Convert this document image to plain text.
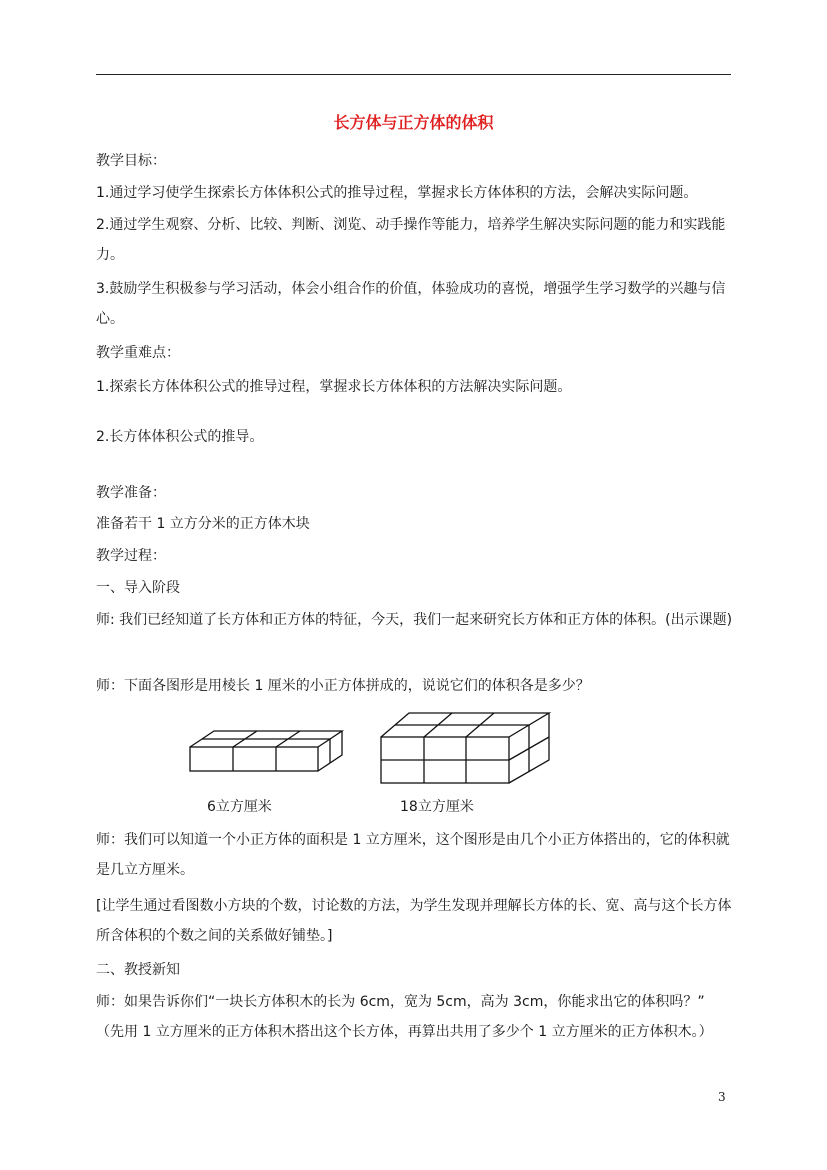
长方体与正方体的体积
教学目标：
1.通过学习使学生探索长方体体积公式的推导过程，掌握求长方体体积的方法，会解决实际问题。
2.通过学生观察、分析、比较、判断、浏览、动手操作等能力，培养学生解决实际问题的能力和实践能力。
3.鼓励学生积极参与学习活动，体会小组合作的价值，体验成功的喜悦，增强学生学习数学的兴趣与信心。
教学重难点：
1.探索长方体体积公式的推导过程，掌握求长方体体积的方法解决实际问题。
2.长方体体积公式的推导。
教学准备：
准备若干 1 立方分米的正方体木块
教学过程：
一、导入阶段
师: 我们已经知道了长方体和正方体的特征，今天，我们一起来研究长方体和正方体的体积。(出示课题)
师：下面各图形是用棱长 1 厘米的小正方体拼成的，说说它们的体积各是多少？
6立方厘米	18立方厘米
师：我们可以知道一个小正方体的面积是 1 立方厘米，这个图形是由几个小正方体搭出的，它的体积就是几立方厘米。
[让学生通过看图数小方块的个数，讨论数的方法，为学生发现并理解长方体的长、宽、高与这个长方体所含体积的个数之间的关系做好铺垫。]
二、教授新知
师：如果告诉你们“一块长方体积木的长为 6cm，宽为 5cm，高为 3cm，你能求出它的体积吗？”
（先用 1 立方厘米的正方体积木搭出这个长方体，再算出共用了多少个 1 立方厘米的正方体积木。）
3
